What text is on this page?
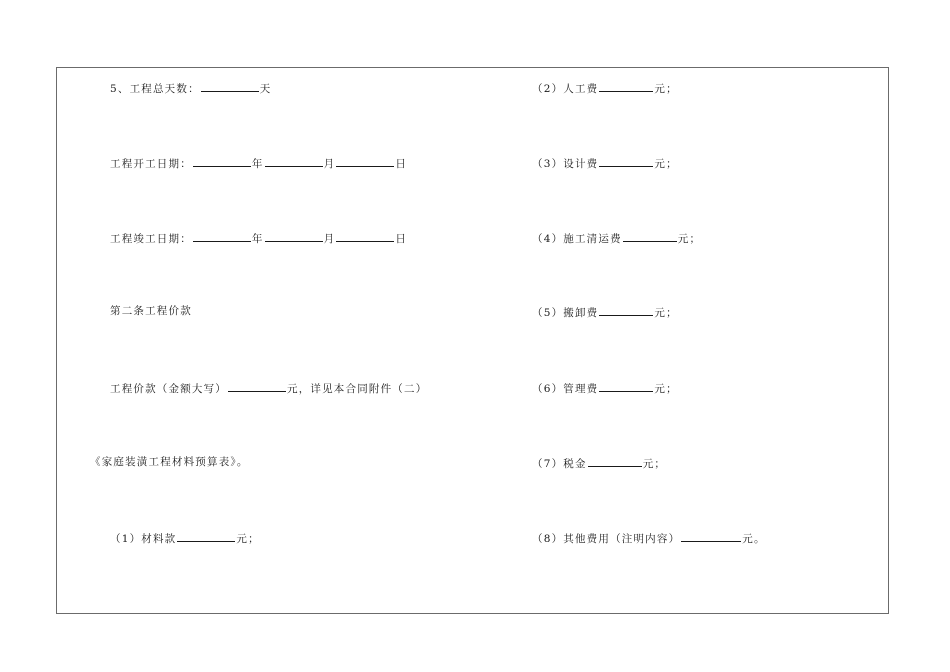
5、工程总天数：	天
工程开工日期：	年	月	日
工程竣工日期：	年	月	日
第二条工程价款
工程价款（金额大写）	元，详见本合同附件（二）
《家庭装潢工程材料预算表》。
（1）材料款	元；
（2）人工费	元；
（3）设计费	元；
（4）施工清运费	元；
（5）搬卸费	元；
（6）管理费	元；
（7）税金	元；
（8）其他费用（注明内容）	元。
